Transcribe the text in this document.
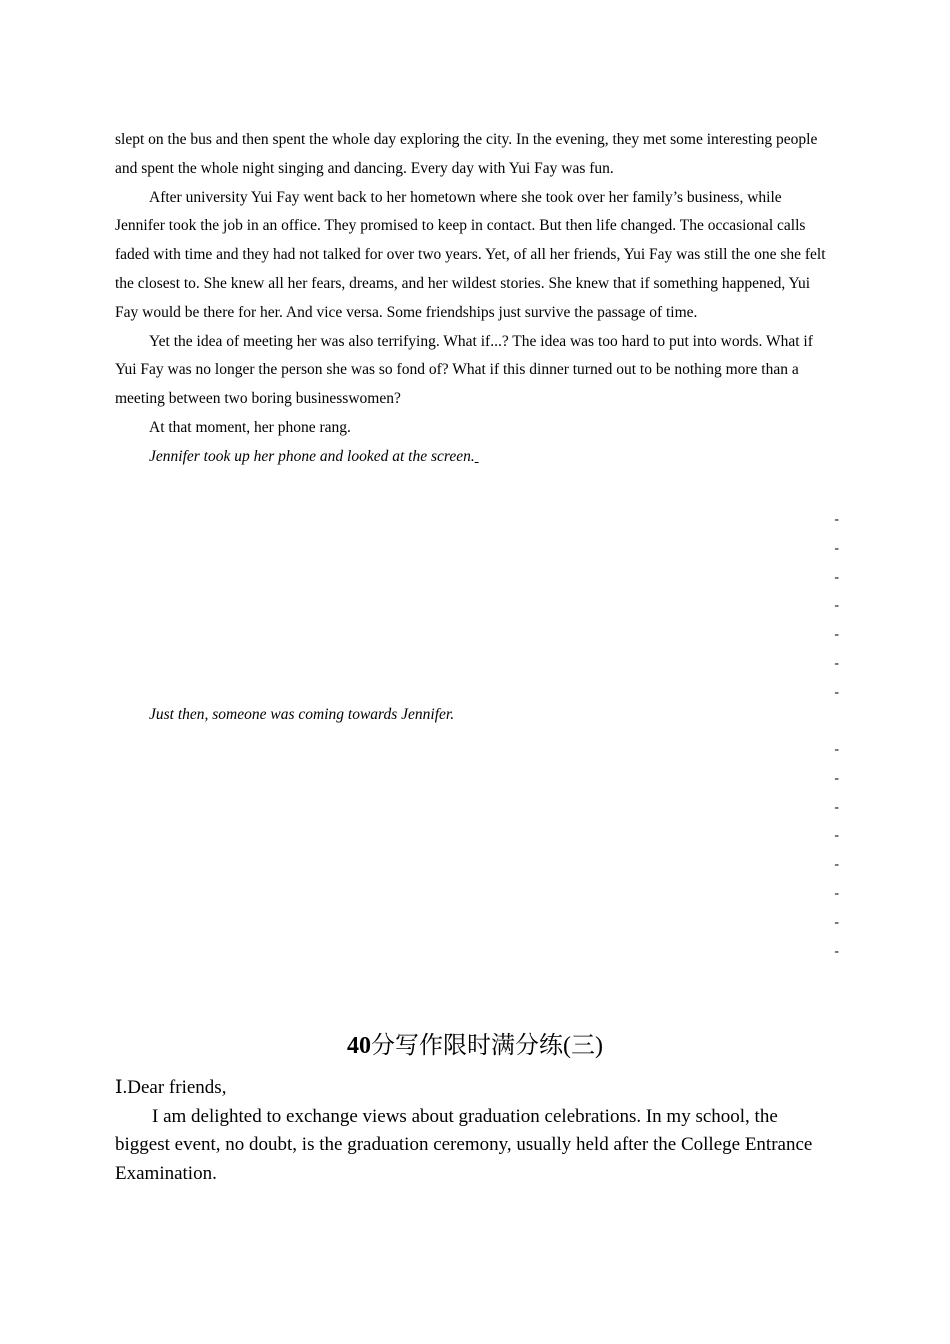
slept on the bus and then spent the whole day exploring the city. In the evening, they met some interesting people and spent the whole night singing and dancing. Every day with Yui Fay was fun.

After university Yui Fay went back to her hometown where she took over her family’s business, while Jennifer took the job in an office. They promised to keep in contact. But then life changed. The occasional calls faded with time and they had not talked for over two years. Yet, of all her friends, Yui Fay was still the one she felt the closest to. She knew all her fears, dreams, and her wildest stories. She knew that if something happened, Yui Fay would be there for her. And vice versa. Some friendships just survive the passage of time.

Yet the idea of meeting her was also terrifying. What if...? The idea was too hard to put into words. What if Yui Fay was no longer the person she was so fond of? What if this dinner turned out to be nothing more than a meeting between two boring businesswomen?

At that moment, her phone rang.

Jennifer took up her phone and looked at the screen.

-
-
-
-
-
-
-
Just then, someone was coming towards Jennifer.
-
-
-
-
-
-
-
-
40分写作限时满分练(三)

Ⅰ.Dear friends,

I am delighted to exchange views about graduation celebrations. In my school, the biggest event, no doubt, is the graduation ceremony, usually held after the College Entrance Examination.
